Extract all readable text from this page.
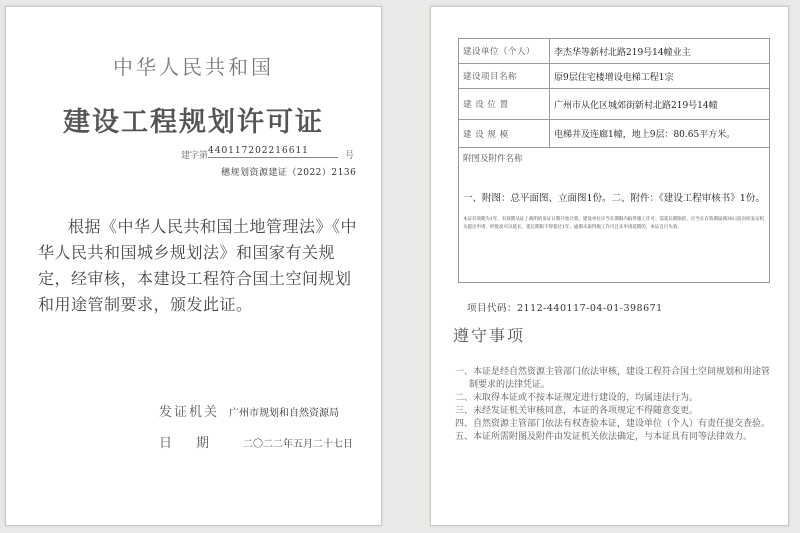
中华人民共和国
建设工程规划许可证
建字第 440117202216611	号
穗规划资源建证（2022）2136
根据《中华人民共和国土地管理法》《中华人民共和国城乡规划法》和国家有关规定，经审核，本建设工程符合国土空间规划和用途管制要求，颁发此证。
发证机关 广州市规划和自然资源局
日期 二〇二二年五月二十七日
建设单位（个人）	李杰华等新村北路219号14幢业主
建设项目名称	原9层住宅楼增设电梯工程1宗
建 设 位 置	广州市从化区城郊街新村北路219号14幢
建 设 规 模	电梯井及连廊1幢，地上9层：80.65平方米。

附图及附件名称
一、附图：总平面图、立面图1份。二、附件：《建设工程审核书》1份。
本证有效期为1年，有效期从证上载明的发证日期开始计算。建设单位应当在期限内取得施工许可；需延长期限的，应当在有效期届满30日前向原发证机关提出申请，经批准可以延长，延长期限不得超过1年。逾期未取得施工许可且未申请延期的，本证自行失效。	
项目代码：2112-440117-04-01-398671
遵守事项
一、本证是经自然资源主管部门依法审核，建设工程符合国土空间规划和用途管制要求的法律凭证。
二、未取得本证或不按本证规定进行建设的，均属违法行为。
三、未经发证机关审核同意，本证的各项规定不得随意变更。
四、自然资源主管部门依法有权查验本证，建设单位（个人）有责任提交查验。
五、本证所需附图及附件由发证机关依法确定，与本证具有同等法律效力。
